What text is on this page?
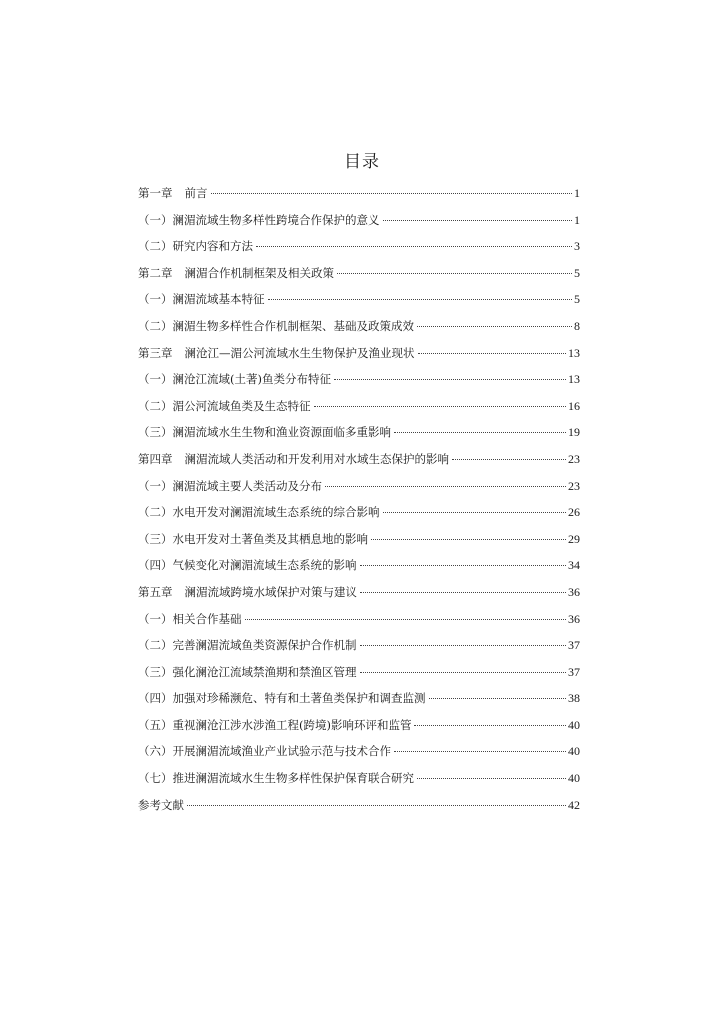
目录
第一章 前言	1
（一）澜湄流域生物多样性跨境合作保护的意义	1
（二）研究内容和方法	3
第二章 澜湄合作机制框架及相关政策	5
（一）澜湄流域基本特征	5
（二）澜湄生物多样性合作机制框架、基础及政策成效	8
第三章 澜沧江—湄公河流域水生生物保护及渔业现状	13
（一）澜沧江流域(土著)鱼类分布特征	13
（二）湄公河流域鱼类及生态特征	16
（三）澜湄流域水生生物和渔业资源面临多重影响	19
第四章 澜湄流域人类活动和开发利用对水域生态保护的影响	23
（一）澜湄流域主要人类活动及分布	23
（二）水电开发对澜湄流域生态系统的综合影响	26
（三）水电开发对土著鱼类及其栖息地的影响	29
（四）气候变化对澜湄流域生态系统的影响	34
第五章 澜湄流域跨境水域保护对策与建议	36
（一）相关合作基础	36
（二）完善澜湄流域鱼类资源保护合作机制	37
（三）强化澜沧江流域禁渔期和禁渔区管理	37
（四）加强对珍稀濒危、特有和土著鱼类保护和调查监测	38
（五）重视澜沧江涉水涉渔工程(跨境)影响环评和监管	40
（六）开展澜湄流域渔业产业试验示范与技术合作	40
（七）推进澜湄流域水生生物多样性保护保育联合研究	40
参考文献	42
